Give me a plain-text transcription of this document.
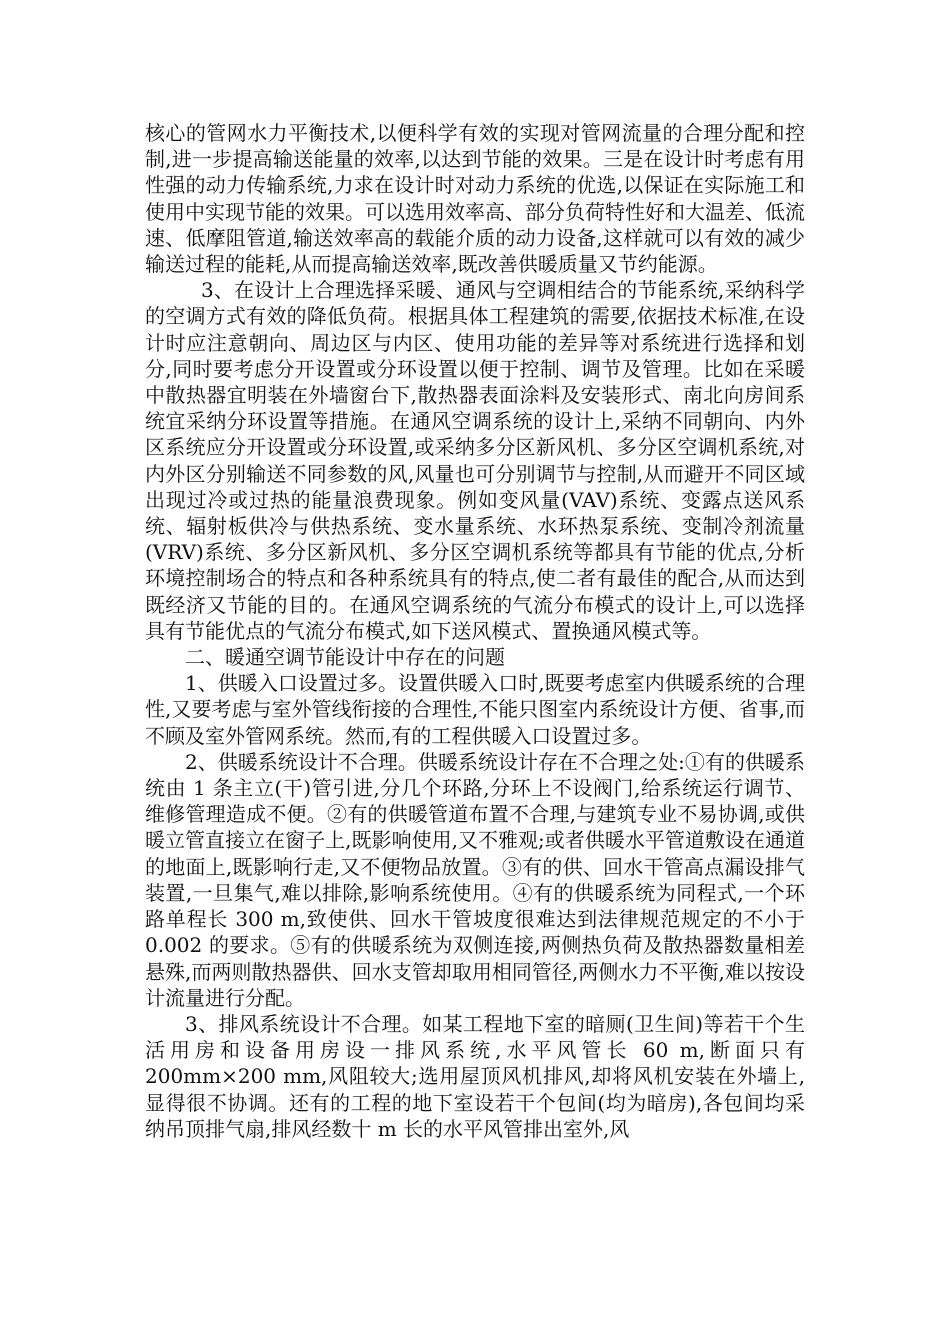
核心的管网水力平衡技术,以便科学有效的实现对管网流量的合理分配和控制,进一步提高输送能量的效率,以达到节能的效果。三是在设计时考虑有用性强的动力传输系统,力求在设计时对动力系统的优选,以保证在实际施工和使用中实现节能的效果。可以选用效率高、部分负荷特性好和大温差、低流速、低摩阻管道,输送效率高的载能介质的动力设备,这样就可以有效的减少输送过程的能耗,从而提高输送效率,既改善供暖质量又节约能源。

3、在设计上合理选择采暖、通风与空调相结合的节能系统,采纳科学的空调方式有效的降低负荷。根据具体工程建筑的需要,依据技术标准,在设计时应注意朝向、周边区与内区、使用功能的差异等对系统进行选择和划分,同时要考虑分开设置或分环设置以便于控制、调节及管理。比如在采暖中散热器宜明装在外墙窗台下,散热器表面涂料及安装形式、南北向房间系统宜采纳分环设置等措施。在通风空调系统的设计上,采纳不同朝向、内外区系统应分开设置或分环设置,或采纳多分区新风机、多分区空调机系统,对内外区分别输送不同参数的风,风量也可分别调节与控制,从而避开不同区域出现过冷或过热的能量浪费现象。例如变风量(VAV)系统、变露点送风系统、辐射板供冷与供热系统、变水量系统、水环热泵系统、变制冷剂流量(VRV)系统、多分区新风机、多分区空调机系统等都具有节能的优点,分析环境控制场合的特点和各种系统具有的特点,使二者有最佳的配合,从而达到既经济又节能的目的。在通风空调系统的气流分布模式的设计上,可以选择具有节能优点的气流分布模式,如下送风模式、置换通风模式等。

二、暖通空调节能设计中存在的问题

1、供暖入口设置过多。设置供暖入口时,既要考虑室内供暖系统的合理性,又要考虑与室外管线衔接的合理性,不能只图室内系统设计方便、省事,而不顾及室外管网系统。然而,有的工程供暖入口设置过多。

2、供暖系统设计不合理。供暖系统设计存在不合理之处:①有的供暖系统由 1 条主立(干)管引进,分几个环路,分环上不设阀门,给系统运行调节、维修管理造成不便。②有的供暖管道布置不合理,与建筑专业不易协调,或供暖立管直接立在窗子上,既影响使用,又不雅观;或者供暖水平管道敷设在通道的地面上,既影响行走,又不便物品放置。③有的供、回水干管高点漏设排气装置,一旦集气,难以排除,影响系统使用。④有的供暖系统为同程式,一个环路单程长 300 m,致使供、回水干管坡度很难达到法律规范规定的不小于 0.002 的要求。⑤有的供暖系统为双侧连接,两侧热负荷及散热器数量相差悬殊,而两则散热器供、回水支管却取用相同管径,两侧水力不平衡,难以按设计流量进行分配。

3、排风系统设计不合理。如某工程地下室的暗厕(卫生间)等若干个生活用房和设备用房设一排风系统,水平风管长 60 m,断面只有200mm×200 mm,风阻较大;选用屋顶风机排风,却将风机安装在外墙上,显得很不协调。还有的工程的地下室设若干个包间(均为暗房),各包间均采纳吊顶排气扇,排风经数十 m 长的水平风管排出室外,风
